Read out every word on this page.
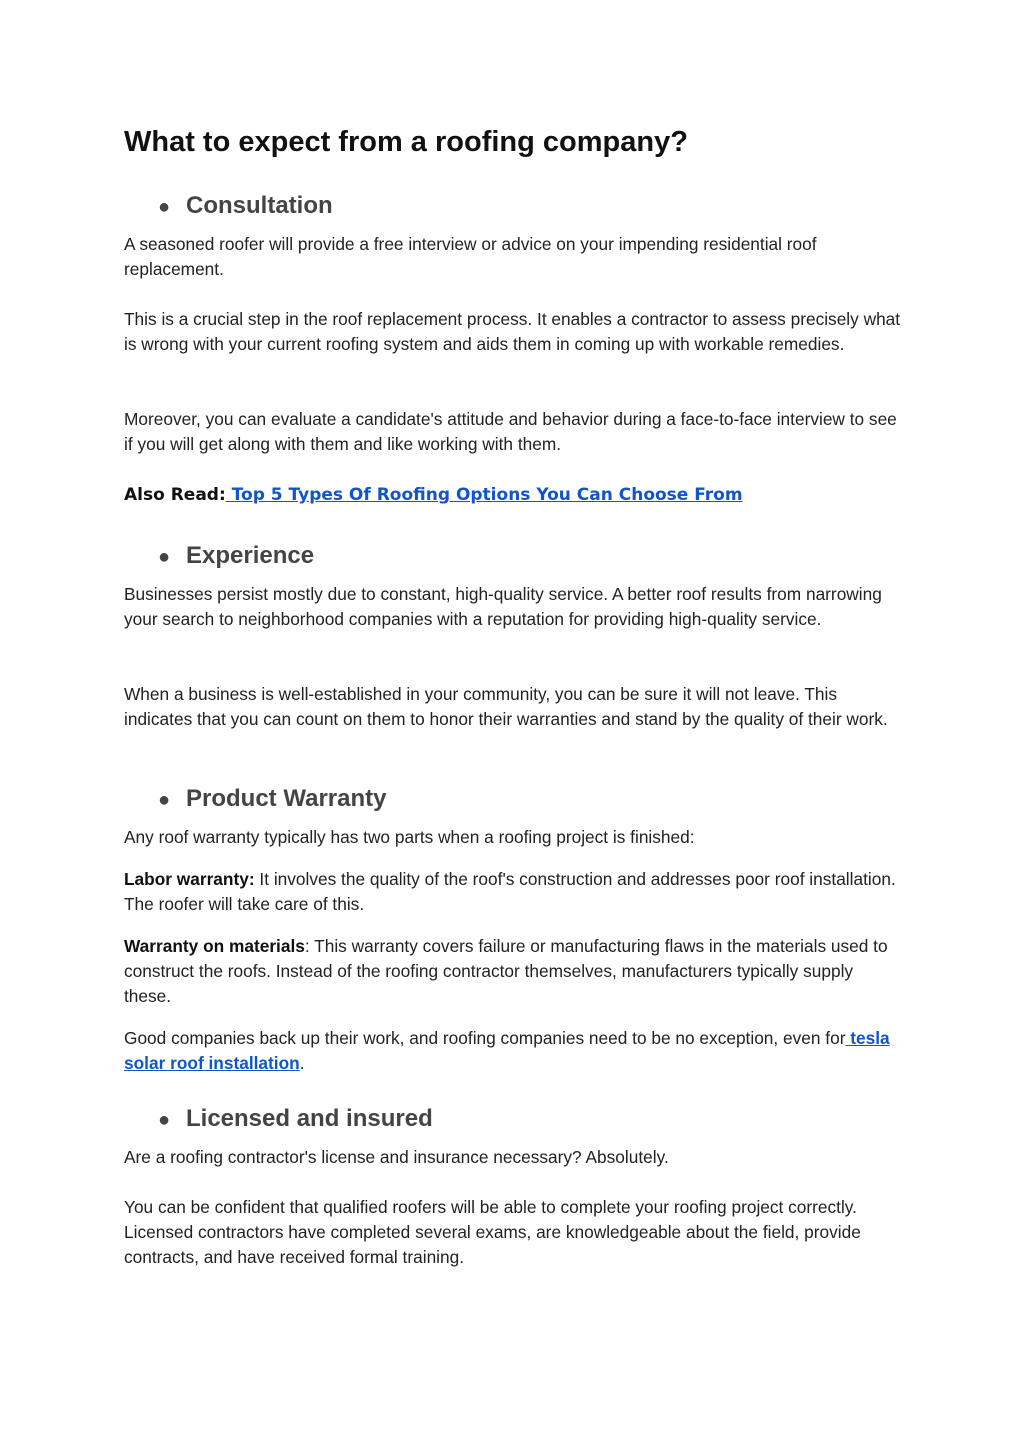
What to expect from a roofing company?
● Consultation

A seasoned roofer will provide a free interview or advice on your impending residential roof replacement.

This is a crucial step in the roof replacement process. It enables a contractor to assess precisely what is wrong with your current roofing system and aids them in coming up with workable remedies.

Moreover, you can evaluate a candidate's attitude and behavior during a face-to-face interview to see if you will get along with them and like working with them.

Also Read: Top 5 Types Of Roofing Options You Can Choose From

● Experience

Businesses persist mostly due to constant, high-quality service. A better roof results from narrowing your search to neighborhood companies with a reputation for providing high-quality service.

When a business is well-established in your community, you can be sure it will not leave. This indicates that you can count on them to honor their warranties and stand by the quality of their work.

● Product Warranty

Any roof warranty typically has two parts when a roofing project is finished:

Labor warranty: It involves the quality of the roof's construction and addresses poor roof installation. The roofer will take care of this.

Warranty on materials: This warranty covers failure or manufacturing flaws in the materials used to construct the roofs. Instead of the roofing contractor themselves, manufacturers typically supply these.

Good companies back up their work, and roofing companies need to be no exception, even for tesla solar roof installation.

● Licensed and insured

Are a roofing contractor's license and insurance necessary? Absolutely.

You can be confident that qualified roofers will be able to complete your roofing project correctly. Licensed contractors have completed several exams, are knowledgeable about the field, provide contracts, and have received formal training.
